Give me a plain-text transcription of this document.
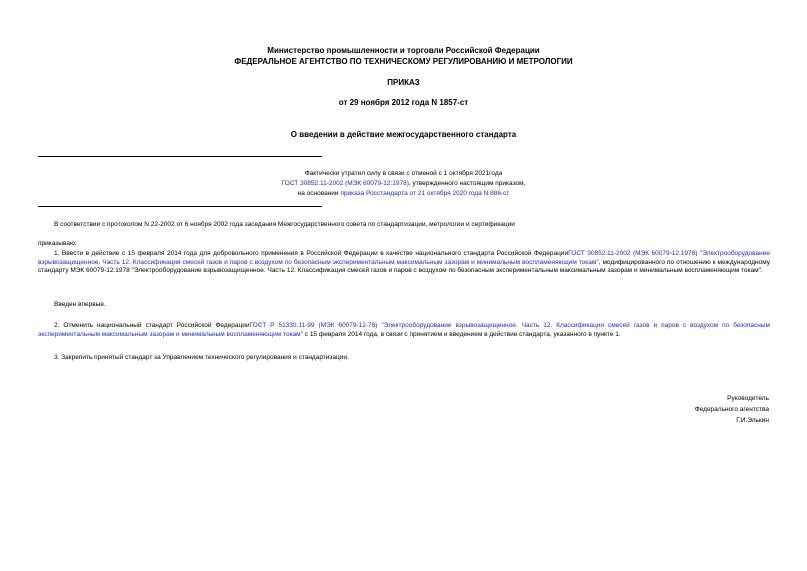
Министерство промышленности и торговли Российской Федерации
ФЕДЕРАЛЬНОЕ АГЕНТСТВО ПО ТЕХНИЧЕСКОМУ РЕГУЛИРОВАНИЮ И МЕТРОЛОГИИ
ПРИКАЗ
от 29 ноября 2012 года N 1857-ст
О введении в действие межгосударственного стандарта
Фактически утратил силу в связи с отменой с 1 октября 2021года
ГОСТ 30852.11-2002 (МЭК 60079-12:1978), утвержденного настоящим приказом,
на основании приказа Росстандарта от 21 октября 2020 года N 886-ст
В соответствии с протоколом N 22-2002 от 6 ноября 2002 года заседания Межгосударственного совета по стандартизации, метрологии и сертификации
приказываю:
1. Ввести в действие с 15 февраля 2014 года для добровольного применения в Российской Федерации в качестве национального стандарта Российской ФедерацииГОСТ 30852.11-2002 (МЭК 60079-12:1978) "Электрооборудование взрывозащищенное. Часть 12. Классификация смесей газов и паров с воздухом по безопасным экспериментальным максимальным зазорам и минимальным воспламеняющим токам", модифицированного по отношению к международному стандарту МЭК 60079-12:1978 "Электрооборудование взрывозащищенное. Часть 12. Классификация смесей газов и паров с воздухом по безопасным экспериментальным максимальным зазорам и минимальным воспламеняющим токам".
Введен впервые.
2. Отменить национальный стандарт Российской ФедерацииГОСТ Р 51330.11-99 (МЭК 60079-12-78) "Электрооборудование взрывозащищенное. Часть 12. Классификация смесей газов и паров с воздухом по безопасным экспериментальным максимальным зазорам и минимальным воспламеняющим токам" с 15 февраля 2014 года, в связи с принятием и введением в действие стандарта, указанного в пункте 1.
3. Закрепить принятый стандарт за Управлением технического регулирования и стандартизации.
Руководитель
Федерального агентства
Г.И.Элькин
